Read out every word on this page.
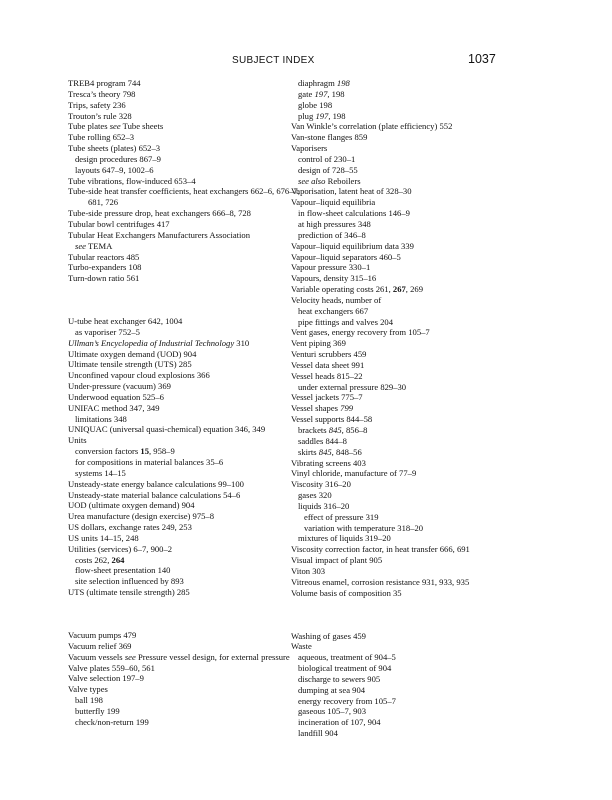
SUBJECT INDEX	1037
TREB4 program 744
Tresca’s theory 798
Trips, safety 236
Trouton’s rule 328
Tube plates see Tube sheets
Tube rolling 652–3
Tube sheets (plates) 652–3
design procedures 867–9
layouts 647–9, 1002–6
Tube vibrations, flow-induced 653–4
Tube-side heat transfer coefficients, heat exchangers 662–6, 676–7, 681, 726
Tube-side pressure drop, heat exchangers 666–8, 728
Tubular bowl centrifuges 417
Tubular Heat Exchangers Manufacturers Association
see TEMA
Tubular reactors 485
Turbo-expanders 108
Turn-down ratio 561
U-tube heat exchanger 642, 1004
as vaporiser 752–5
Ullman’s Encyclopedia of Industrial Technology 310
Ultimate oxygen demand (UOD) 904
Ultimate tensile strength (UTS) 285
Unconfined vapour cloud explosions 366
Under-pressure (vacuum) 369
Underwood equation 525–6
UNIFAC method 347, 349
limitations 348
UNIQUAC (universal quasi-chemical) equation 346, 349
Units
conversion factors 15, 958–9
for compositions in material balances 35–6
systems 14–15
Unsteady-state energy balance calculations 99–100
Unsteady-state material balance calculations 54–6
UOD (ultimate oxygen demand) 904
Urea manufacture (design exercise) 975–8
US dollars, exchange rates 249, 253
US units 14–15, 248
Utilities (services) 6–7, 900–2
costs 262, 264
flow-sheet presentation 140
site selection influenced by 893
UTS (ultimate tensile strength) 285
Vacuum pumps 479
Vacuum relief 369
Vacuum vessels see Pressure vessel design, for external pressure
Valve plates 559–60, 561
Valve selection 197–9
Valve types
ball 198
butterfly 199
check/non-return 199
diaphragm 198
gate 197, 198
globe 198
plug 197, 198
Van Winkle’s correlation (plate efficiency) 552
Van-stone flanges 859
Vaporisers
control of 230–1
design of 728–55
see also Reboilers
Vaporisation, latent heat of 328–30
Vapour–liquid equilibria
in flow-sheet calculations 146–9
at high pressures 348
prediction of 346–8
Vapour–liquid equilibrium data 339
Vapour–liquid separators 460–5
Vapour pressure 330–1
Vapours, density 315–16
Variable operating costs 261, 267, 269
Velocity heads, number of
heat exchangers 667
pipe fittings and valves 204
Vent gases, energy recovery from 105–7
Vent piping 369
Venturi scrubbers 459
Vessel data sheet 991
Vessel heads 815–22
under external pressure 829–30
Vessel jackets 775–7
Vessel shapes 799
Vessel supports 844–58
brackets 845, 856–8
saddles 844–8
skirts 845, 848–56
Vibrating screens 403
Vinyl chloride, manufacture of 77–9
Viscosity 316–20
gases 320
liquids 316–20
effect of pressure 319
variation with temperature 318–20
mixtures of liquids 319–20
Viscosity correction factor, in heat transfer 666, 691
Visual impact of plant 905
Viton 303
Vitreous enamel, corrosion resistance 931, 933, 935
Volume basis of composition 35
Washing of gases 459
Waste
aqueous, treatment of 904–5
biological treatment of 904
discharge to sewers 905
dumping at sea 904
energy recovery from 105–7
gaseous 105–7, 903
incineration of 107, 904
landfill 904
